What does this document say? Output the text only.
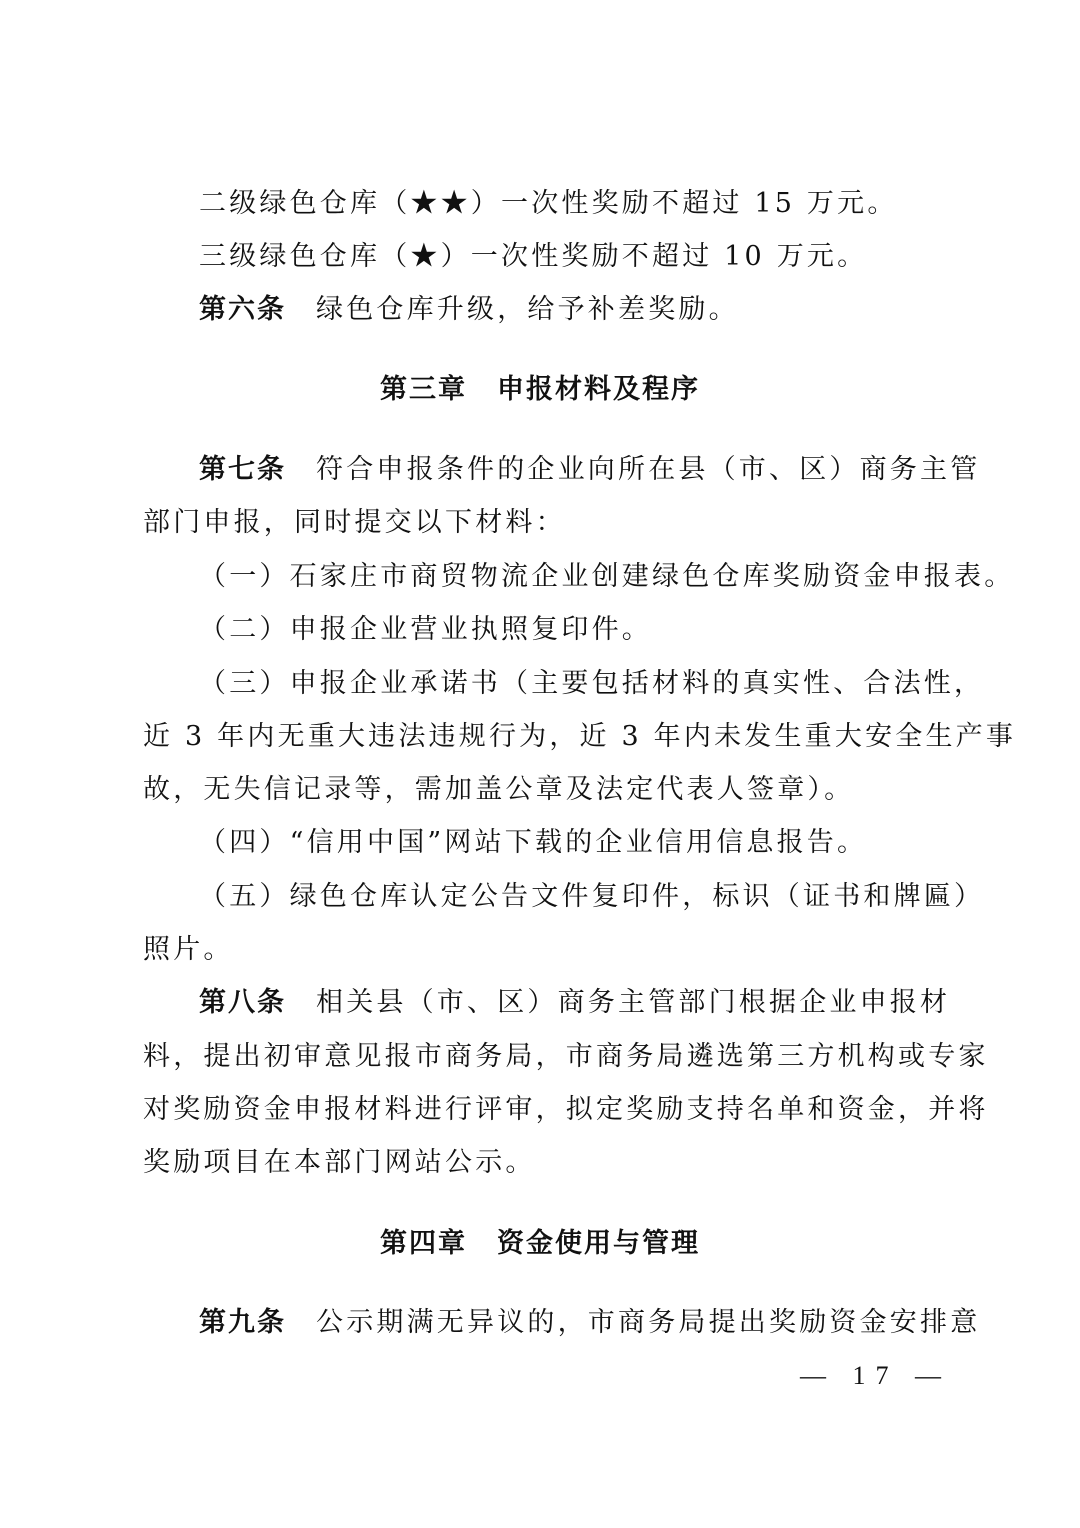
二级绿色仓库（★★）一次性奖励不超过 15 万元。
三级绿色仓库（★）一次性奖励不超过 10 万元。
第六条 绿色仓库升级，给予补差奖励。
第三章 申报材料及程序
第七条 符合申报条件的企业向所在县（市、区）商务主管
部门申报，同时提交以下材料：
（一）石家庄市商贸物流企业创建绿色仓库奖励资金申报表。
（二）申报企业营业执照复印件。
（三）申报企业承诺书（主要包括材料的真实性、合法性，
近 3 年内无重大违法违规行为，近 3 年内未发生重大安全生产事
故，无失信记录等，需加盖公章及法定代表人签章）。
（四）“信用中国”网站下载的企业信用信息报告。
（五）绿色仓库认定公告文件复印件，标识（证书和牌匾）
照片。
第八条 相关县（市、区）商务主管部门根据企业申报材
料，提出初审意见报市商务局，市商务局遴选第三方机构或专家
对奖励资金申报材料进行评审，拟定奖励支持名单和资金，并将
奖励项目在本部门网站公示。
第四章 资金使用与管理
第九条 公示期满无异议的，市商务局提出奖励资金安排意
— 17 —
